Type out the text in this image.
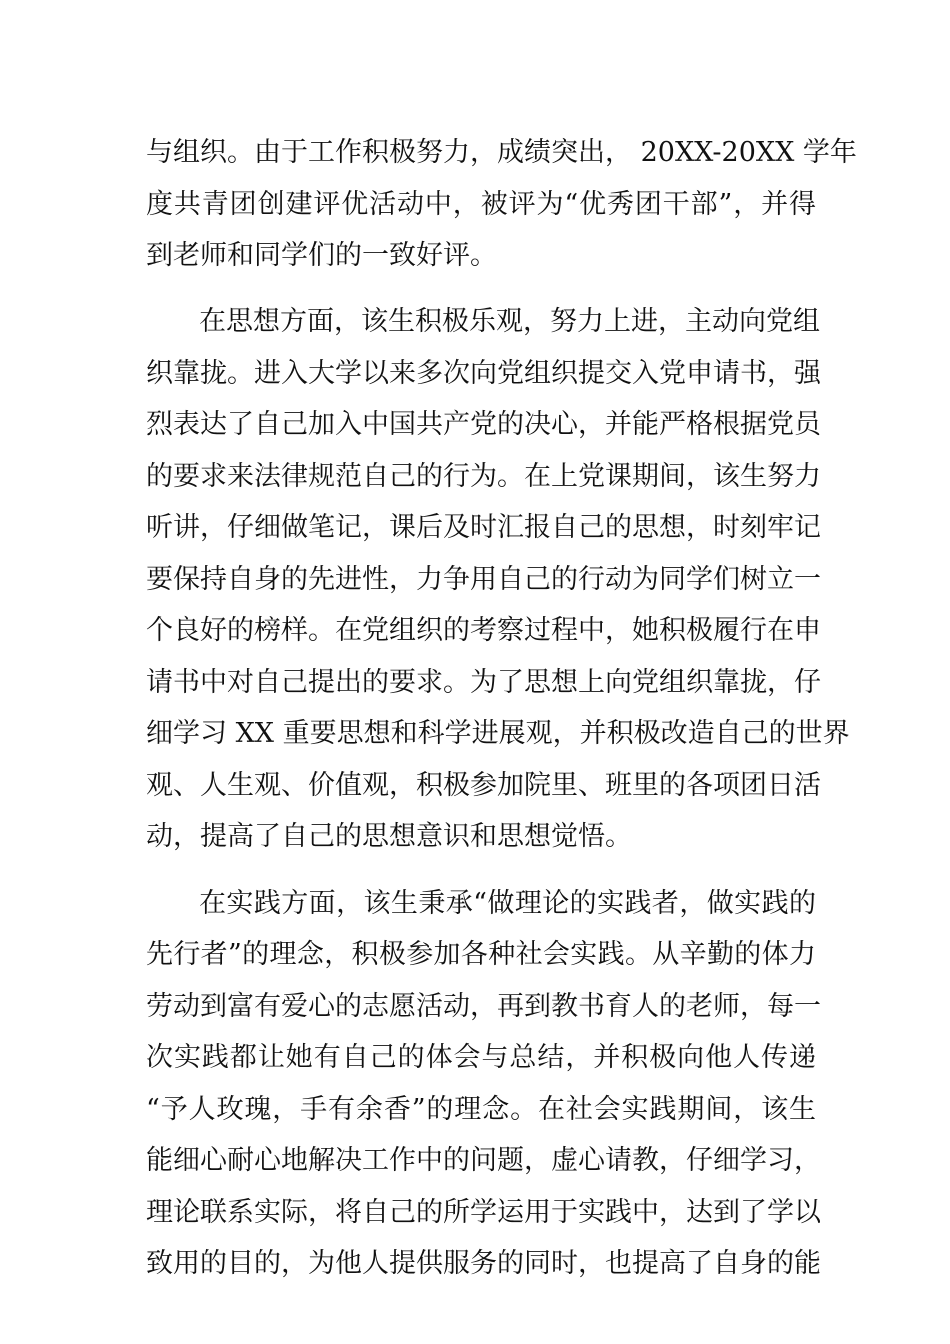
与组织。由于工作积极努力，成绩突出， 20XX-20XX 学年
度共青团创建评优活动中，被评为“优秀团干部”，并得
到老师和同学们的一致好评。
在思想方面，该生积极乐观，努力上进，主动向党组
织靠拢。进入大学以来多次向党组织提交入党申请书，强
烈表达了自己加入中国共产党的决心，并能严格根据党员
的要求来法律规范自己的行为。在上党课期间，该生努力
听讲，仔细做笔记，课后及时汇报自己的思想，时刻牢记
要保持自身的先进性，力争用自己的行动为同学们树立一
个良好的榜样。在党组织的考察过程中，她积极履行在申
请书中对自己提出的要求。为了思想上向党组织靠拢，仔
细学习 XX 重要思想和科学进展观，并积极改造自己的世界
观、人生观、价值观，积极参加院里、班里的各项团日活
动，提高了自己的思想意识和思想觉悟。
在实践方面，该生秉承“做理论的实践者，做实践的
先行者”的理念，积极参加各种社会实践。从辛勤的体力
劳动到富有爱心的志愿活动，再到教书育人的老师，每一
次实践都让她有自己的体会与总结，并积极向他人传递
“予人玫瑰，手有余香”的理念。在社会实践期间，该生
能细心耐心地解决工作中的问题，虚心请教，仔细学习，
理论联系实际，将自己的所学运用于实践中，达到了学以
致用的目的，为他人提供服务的同时，也提高了自身的能
